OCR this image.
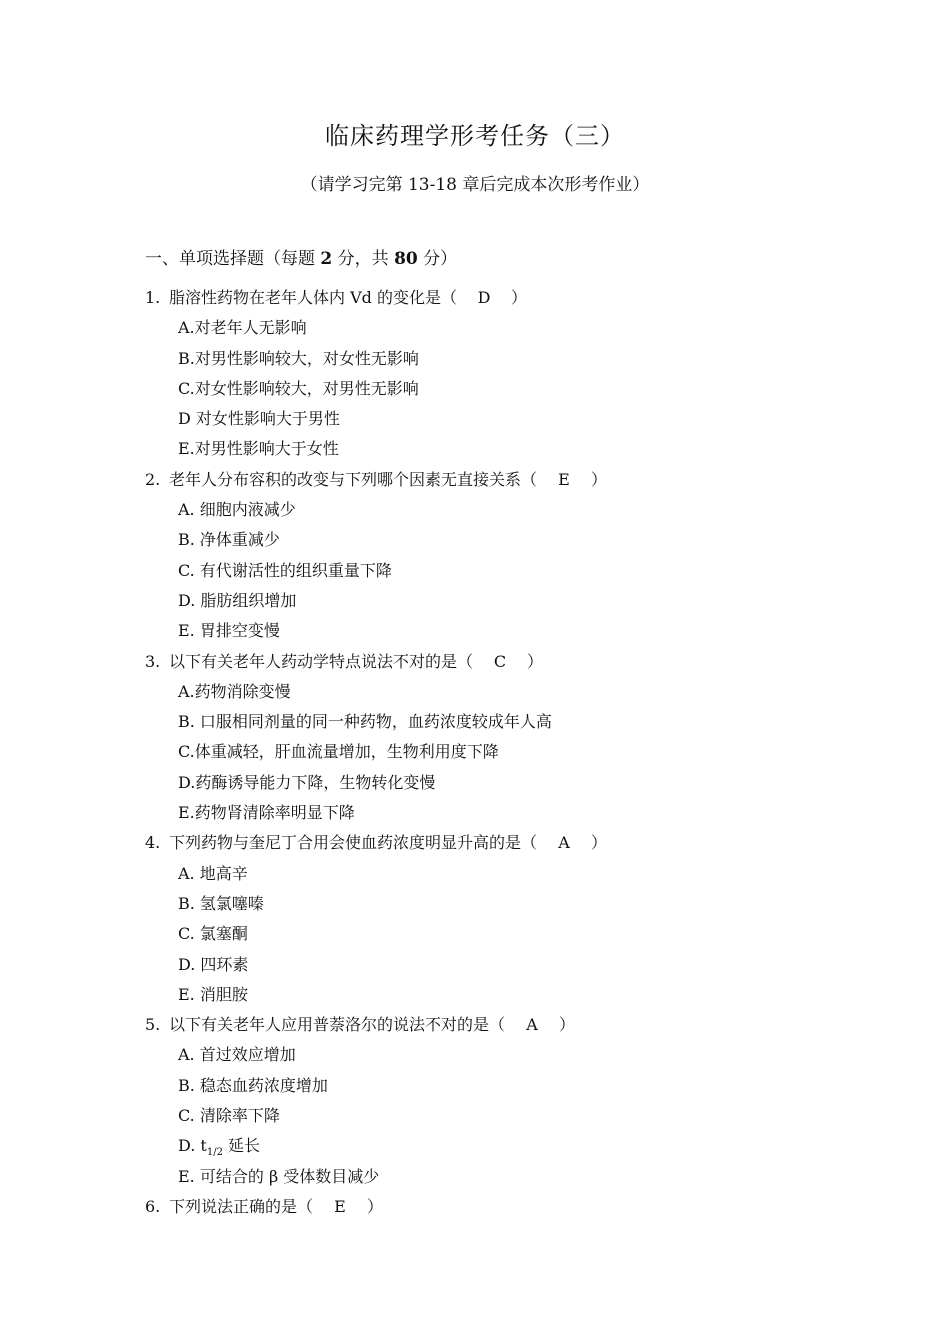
临床药理学形考任务（三）
（请学习完第 13-18 章后完成本次形考作业）
一、单项选择题（每题 2 分，共 80 分）
1. 脂溶性药物在老年人体内 Vd 的变化是（ D ）
A.对老年人无影响
B.对男性影响较大，对女性无影响
C.对女性影响较大，对男性无影响
D 对女性影响大于男性
E.对男性影响大于女性
2. 老年人分布容积的改变与下列哪个因素无直接关系（ E ）
A. 细胞内液减少
B. 净体重减少
C. 有代谢活性的组织重量下降
D. 脂肪组织增加
E. 胃排空变慢
3. 以下有关老年人药动学特点说法不对的是（ C ）
A.药物消除变慢
B. 口服相同剂量的同一种药物，血药浓度较成年人高
C.体重减轻，肝血流量增加，生物利用度下降
D.药酶诱导能力下降，生物转化变慢
E.药物肾清除率明显下降
4. 下列药物与奎尼丁合用会使血药浓度明显升高的是（ A ）
A. 地高辛
B. 氢氯噻嗪
C. 氯塞酮
D. 四环素
E. 消胆胺
5. 以下有关老年人应用普萘洛尔的说法不对的是（ A ）
A. 首过效应增加
B. 稳态血药浓度增加
C. 清除率下降
D. $t_{1/2}$ 延长
E. 可结合的 β 受体数目减少
6. 下列说法正确的是（ E ）
